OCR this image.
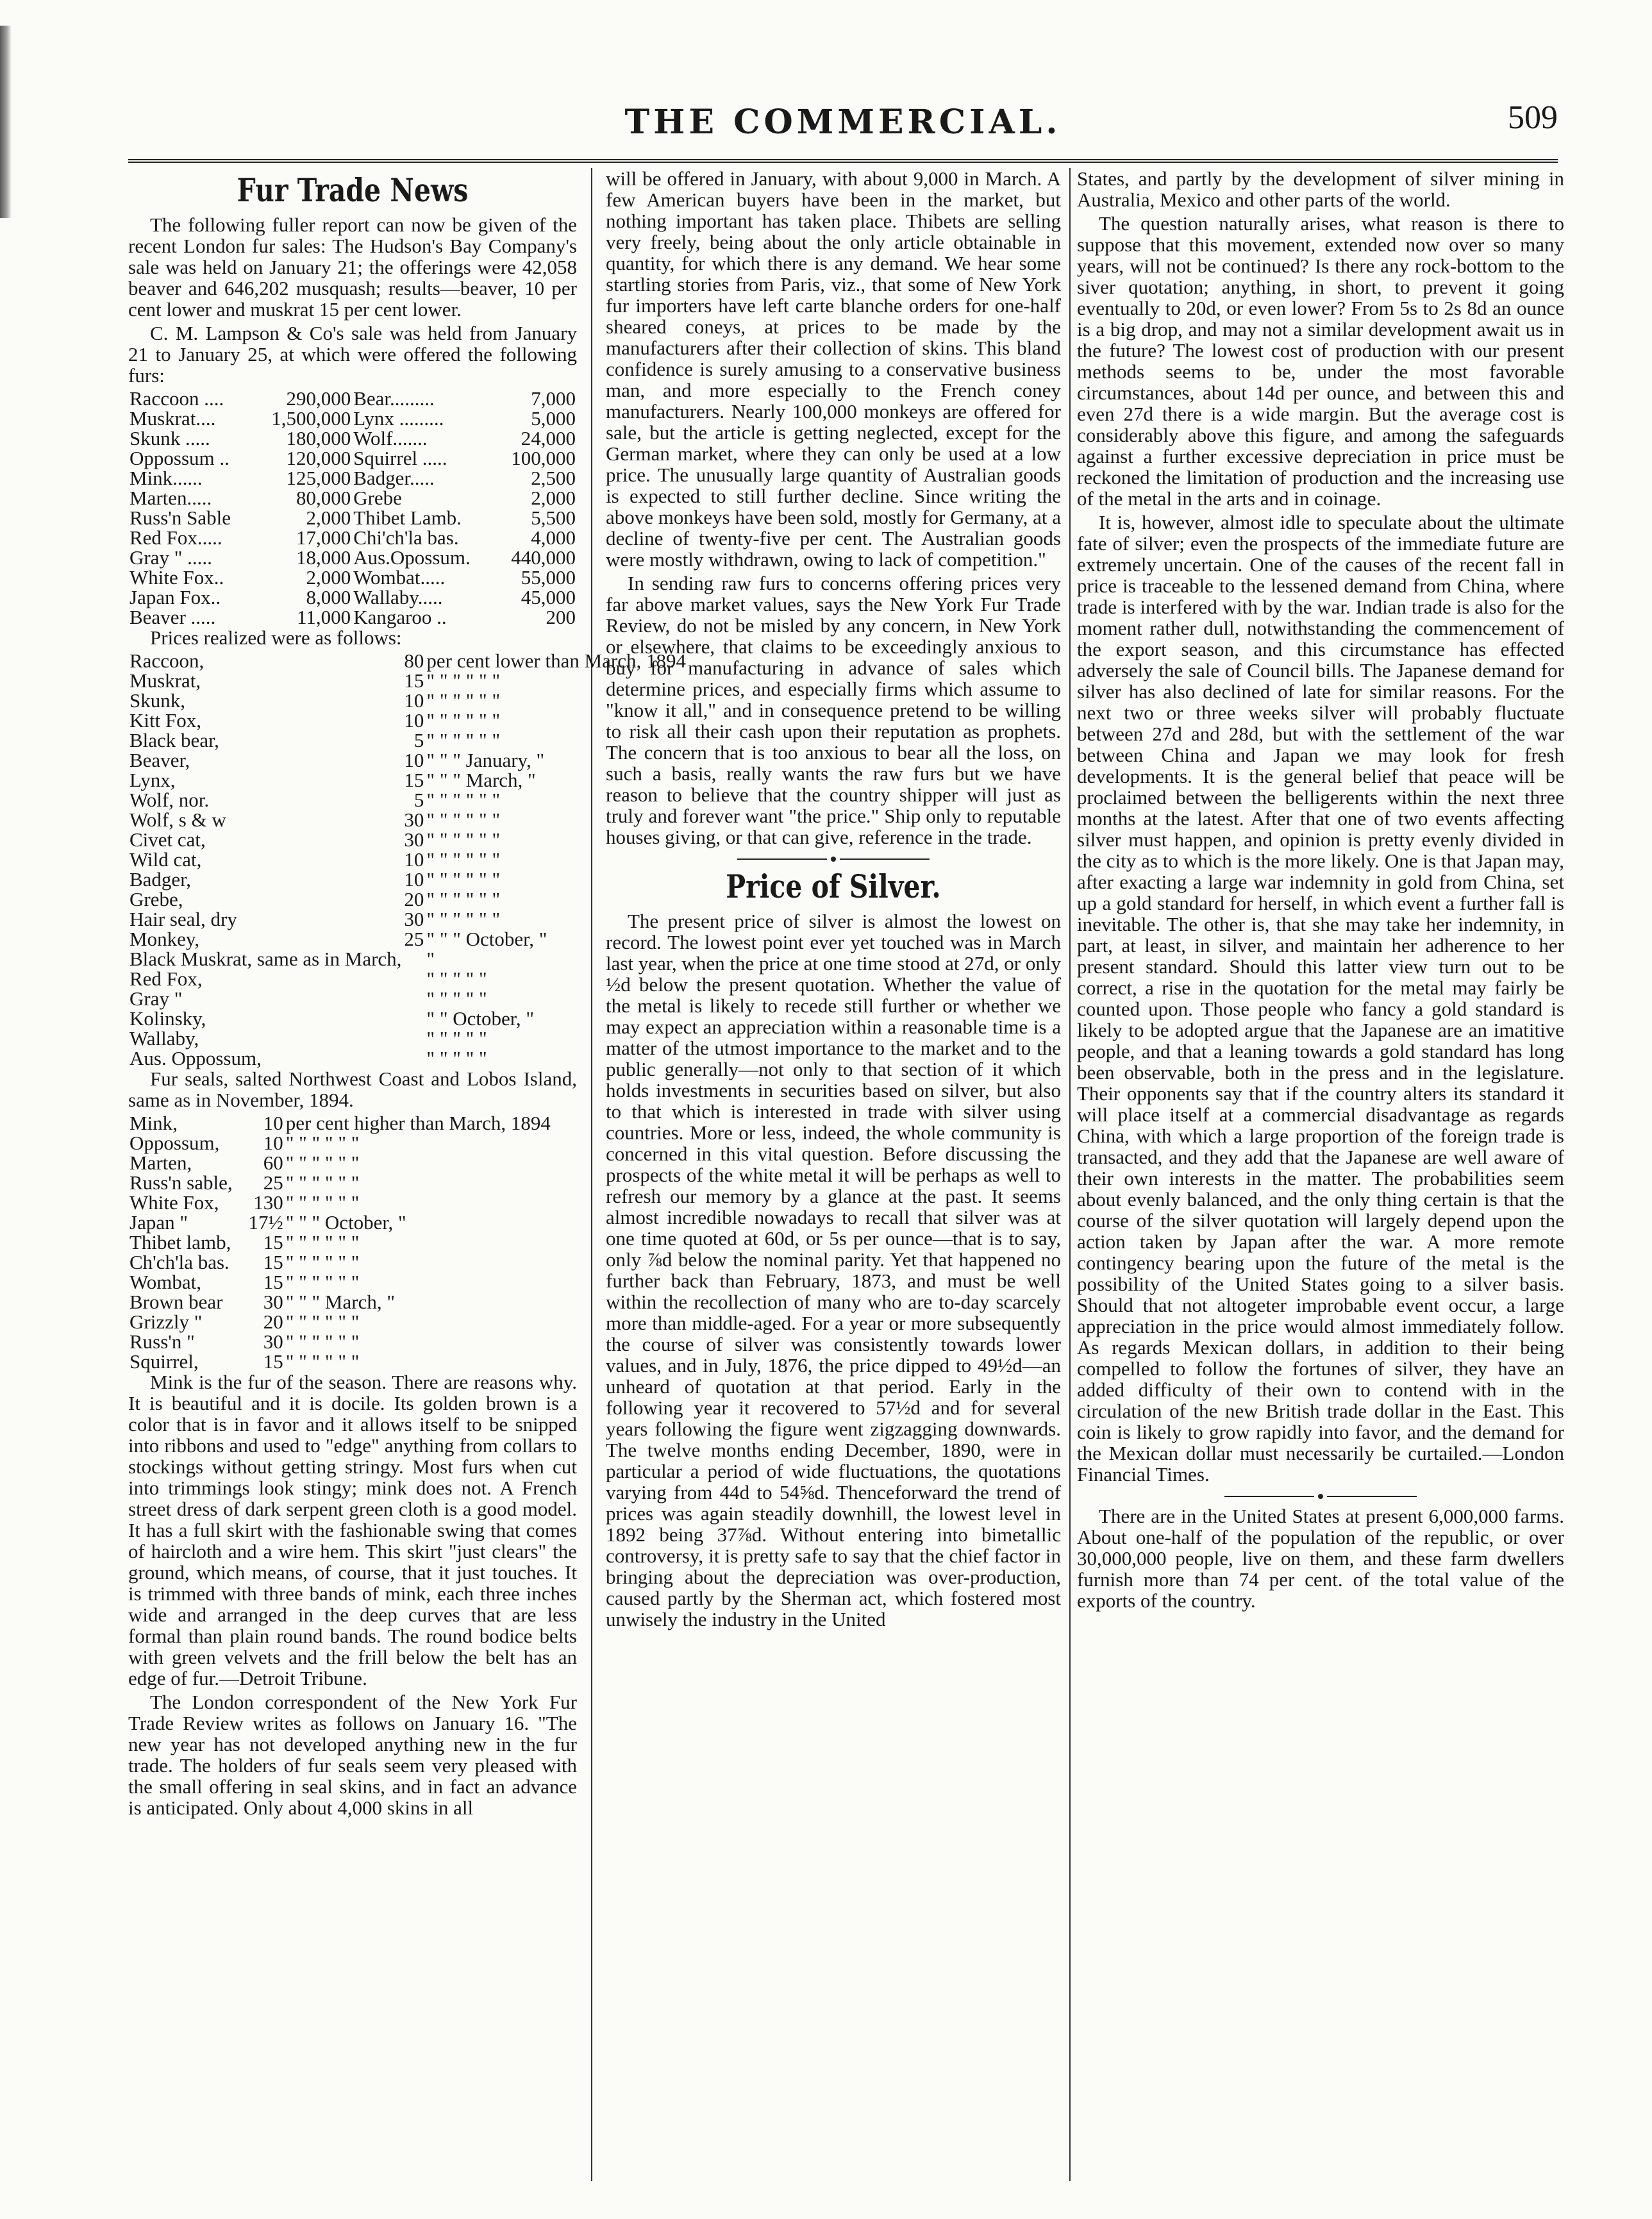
THE COMMERCIAL.	509
Fur Trade News

The following fuller report can now be given of the recent London fur sales: The Hudson's Bay Company's sale was held on January 21; the offerings were 42,058 beaver and 646,202 musquash; results—beaver, 10 per cent lower and muskrat 15 per cent lower.

C. M. Lampson & Co's sale was held from January 21 to January 25, at which were offered the following furs:

Raccoon ....	290,000	Bear.........	7,000
Muskrat....	1,500,000	Lynx .........	5,000
Skunk .....	180,000	Wolf.......	24,000
Oppossum ..	120,000	Squirrel .....	100,000
Mink......	125,000	Badger.....	2,500
Marten.....	80,000	Grebe	2,000
Russ'n Sable	2,000	Thibet Lamb.	5,500
Red Fox.....	17,000	Chi'ch'la bas.	4,000
Gray " .....	18,000	Aus.Opossum.	440,000
White Fox..	2,000	Wombat.....	55,000
Japan Fox..	8,000	Wallaby.....	45,000
Beaver .....	11,000	Kangaroo ..	200

Prices realized were as follows:

Raccoon,	80	per cent lower than March, 1894
Muskrat,	15	" " " " " "
Skunk,	10	" " " " " "
Kitt Fox,	10	" " " " " "
Black bear,	5	" " " " " "
Beaver,	10	" " " January, "
Lynx,	15	" " " March, "
Wolf, nor.	5	" " " " " "
Wolf, s & w	30	" " " " " "
Civet cat,	30	" " " " " "
Wild cat,	10	" " " " " "
Badger,	10	" " " " " "
Grebe,	20	" " " " " "
Hair seal, dry	30	" " " " " "
Monkey,	25	" " " October, "
Black Muskrat, same as in March,		"
Red Fox,		" " " " "
Gray "		" " " " "
Kolinsky,		" " October, "
Wallaby,		" " " " "
Aus. Oppossum,		" " " " "

Fur seals, salted Northwest Coast and Lobos Island, same as in November, 1894.

Mink,	10	per cent higher than March, 1894
Oppossum,	10	" " " " " "
Marten,	60	" " " " " "
Russ'n sable,	25	" " " " " "
White Fox,	130	" " " " " "
Japan "	17½	" " " October, "
Thibet lamb,	15	" " " " " "
Ch'ch'la bas.	15	" " " " " "
Wombat,	15	" " " " " "
Brown bear	30	" " " March, "
Grizzly "	20	" " " " " "
Russ'n "	30	" " " " " "
Squirrel,	15	" " " " " "

Mink is the fur of the season. There are reasons why. It is beautiful and it is docile. Its golden brown is a color that is in favor and it allows itself to be snipped into ribbons and used to "edge" anything from collars to stockings without getting stringy. Most furs when cut into trimmings look stingy; mink does not. A French street dress of dark serpent green cloth is a good model. It has a full skirt with the fashionable swing that comes of haircloth and a wire hem. This skirt "just clears" the ground, which means, of course, that it just touches. It is trimmed with three bands of mink, each three inches wide and arranged in the deep curves that are less formal than plain round bands. The round bodice belts with green velvets and the frill below the belt has an edge of fur.—Detroit Tribune.

The London correspondent of the New York Fur Trade Review writes as follows on January 16. "The new year has not developed anything new in the fur trade. The holders of fur seals seem very pleased with the small offering in seal skins, and in fact an advance is anticipated. Only about 4,000 skins in all

will be offered in January, with about 9,000 in March. A few American buyers have been in the market, but nothing important has taken place. Thibets are selling very freely, being about the only article obtainable in quantity, for which there is any demand. We hear some startling stories from Paris, viz., that some of New York fur importers have left carte blanche orders for one-half sheared coneys, at prices to be made by the manufacturers after their collection of skins. This bland confidence is surely amusing to a conservative business man, and more especially to the French coney manufacturers. Nearly 100,000 monkeys are offered for sale, but the article is getting neglected, except for the German market, where they can only be used at a low price. The unusually large quantity of Australian goods is expected to still further decline. Since writing the above monkeys have been sold, mostly for Germany, at a decline of twenty-five per cent. The Australian goods were mostly withdrawn, owing to lack of competition."

In sending raw furs to concerns offering prices very far above market values, says the New York Fur Trade Review, do not be misled by any concern, in New York or elsewhere, that claims to be exceedingly anxious to buy for manufacturing in advance of sales which determine prices, and especially firms which assume to "know it all," and in consequence pretend to be willing to risk all their cash upon their reputation as prophets. The concern that is too anxious to bear all the loss, on such a basis, really wants the raw furs but we have reason to believe that the country shipper will just as truly and forever want "the price." Ship only to reputable houses giving, or that can give, reference in the trade.

Price of Silver.

The present price of silver is almost the lowest on record. The lowest point ever yet touched was in March last year, when the price at one time stood at 27d, or only ½d below the present quotation. Whether the value of the metal is likely to recede still further or whether we may expect an appreciation within a reasonable time is a matter of the utmost importance to the market and to the public generally—not only to that section of it which holds investments in securities based on silver, but also to that which is interested in trade with silver using countries. More or less, indeed, the whole community is concerned in this vital question. Before discussing the prospects of the white metal it will be perhaps as well to refresh our memory by a glance at the past. It seems almost incredible nowadays to recall that silver was at one time quoted at 60d, or 5s per ounce—that is to say, only ⅞d below the nominal parity. Yet that happened no further back than February, 1873, and must be well within the recollection of many who are to-day scarcely more than middle-aged. For a year or more subsequently the course of silver was consistently towards lower values, and in July, 1876, the price dipped to 49½d—an unheard of quotation at that period. Early in the following year it recovered to 57½d and for several years following the figure went zigzagging downwards. The twelve months ending December, 1890, were in particular a period of wide fluctuations, the quotations varying from 44d to 54⅝d. Thenceforward the trend of prices was again steadily downhill, the lowest level in 1892 being 37⅞d. Without entering into bimetallic controversy, it is pretty safe to say that the chief factor in bringing about the depreciation was over-production, caused partly by the Sherman act, which fostered most unwisely the industry in the United

States, and partly by the development of silver mining in Australia, Mexico and other parts of the world.

The question naturally arises, what reason is there to suppose that this movement, extended now over so many years, will not be continued? Is there any rock-bottom to the siver quotation; anything, in short, to prevent it going eventually to 20d, or even lower? From 5s to 2s 8d an ounce is a big drop, and may not a similar development await us in the future? The lowest cost of production with our present methods seems to be, under the most favorable circumstances, about 14d per ounce, and between this and even 27d there is a wide margin. But the average cost is considerably above this figure, and among the safeguards against a further excessive depreciation in price must be reckoned the limitation of production and the increasing use of the metal in the arts and in coinage.

It is, however, almost idle to speculate about the ultimate fate of silver; even the prospects of the immediate future are extremely uncertain. One of the causes of the recent fall in price is traceable to the lessened demand from China, where trade is interfered with by the war. Indian trade is also for the moment rather dull, notwithstanding the commencement of the export season, and this circumstance has effected adversely the sale of Council bills. The Japanese demand for silver has also declined of late for similar reasons. For the next two or three weeks silver will probably fluctuate between 27d and 28d, but with the settlement of the war between China and Japan we may look for fresh developments. It is the general belief that peace will be proclaimed between the belligerents within the next three months at the latest. After that one of two events affecting silver must happen, and opinion is pretty evenly divided in the city as to which is the more likely. One is that Japan may, after exacting a large war indemnity in gold from China, set up a gold standard for herself, in which event a further fall is inevitable. The other is, that she may take her indemnity, in part, at least, in silver, and maintain her adherence to her present standard. Should this latter view turn out to be correct, a rise in the quotation for the metal may fairly be counted upon. Those people who fancy a gold standard is likely to be adopted argue that the Japanese are an imatitive people, and that a leaning towards a gold standard has long been observable, both in the press and in the legislature. Their opponents say that if the country alters its standard it will place itself at a commercial disadvantage as regards China, with which a large proportion of the foreign trade is transacted, and they add that the Japanese are well aware of their own interests in the matter. The probabilities seem about evenly balanced, and the only thing certain is that the course of the silver quotation will largely depend upon the action taken by Japan after the war. A more remote contingency bearing upon the future of the metal is the possibility of the United States going to a silver basis. Should that not altogeter improbable event occur, a large appreciation in the price would almost immediately follow. As regards Mexican dollars, in addition to their being compelled to follow the fortunes of silver, they have an added difficulty of their own to contend with in the circulation of the new British trade dollar in the East. This coin is likely to grow rapidly into favor, and the demand for the Mexican dollar must necessarily be curtailed.—London Financial Times.

There are in the United States at present 6,000,000 farms. About one-half of the population of the republic, or over 30,000,000 people, live on them, and these farm dwellers furnish more than 74 per cent. of the total value of the exports of the country.
